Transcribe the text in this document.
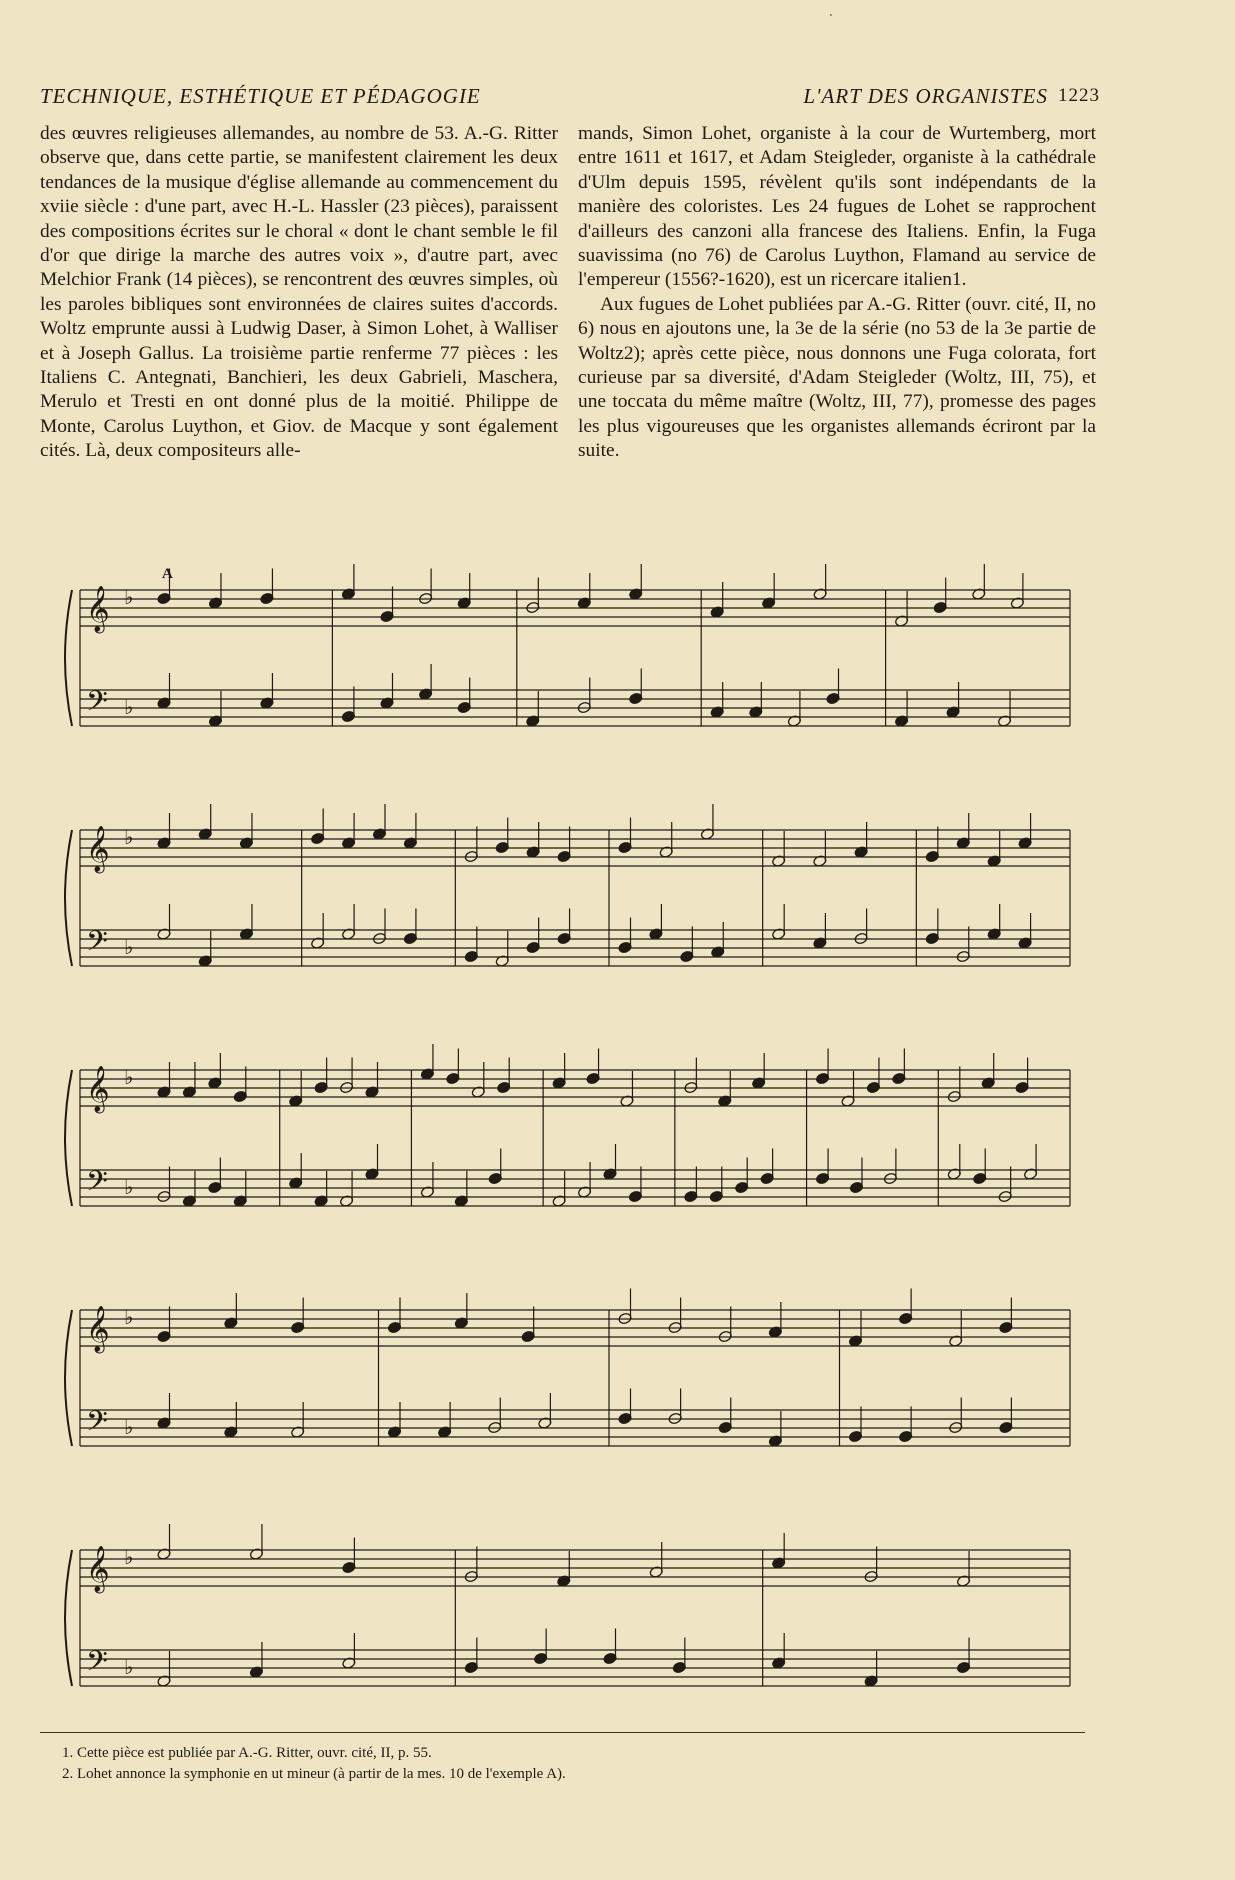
TECHNIQUE, ESTHÉTIQUE ET PÉDAGOGIE	L'ART DES ORGANISTES 1223

des œuvres religieuses allemandes, au nombre de 53. A.-G. Ritter observe que, dans cette partie, se manifestent clairement les deux tendances de la musique d'église allemande au commencement du xviie siècle : d'une part, avec H.-L. Hassler (23 pièces), paraissent des compositions écrites sur le choral « dont le chant semble le fil d'or que dirige la marche des autres voix », d'autre part, avec Melchior Frank (14 pièces), se rencontrent des œuvres simples, où les paroles bibliques sont environnées de claires suites d'accords. Woltz emprunte aussi à Ludwig Daser, à Simon Lohet, à Walliser et à Joseph Gallus. La troisième partie renferme 77 pièces : les Italiens C. Antegnati, Banchieri, les deux Gabrieli, Maschera, Merulo et Tresti en ont donné plus de la moitié. Philippe de Monte, Carolus Luython, et Giov. de Macque y sont également cités. Là, deux compositeurs alle-

mands, Simon Lohet, organiste à la cour de Wurtemberg, mort entre 1611 et 1617, et Adam Steigleder, organiste à la cathédrale d'Ulm depuis 1595, révèlent qu'ils sont indépendants de la manière des coloristes. Les 24 fugues de Lohet se rapprochent d'ailleurs des canzoni alla francese des Italiens. Enfin, la Fuga suavissima (no 76) de Carolus Luython, Flamand au service de l'empereur (1556?-1620), est un ricercare italien1.

Aux fugues de Lohet publiées par A.-G. Ritter (ouvr. cité, II, no 6) nous en ajoutons une, la 3e de la série (no 53 de la 3e partie de Woltz2); après cette pièce, nous donnons une Fuga colorata, fort curieuse par sa diversité, d'Adam Steigleder (Woltz, III, 75), et une toccata du même maître (Woltz, III, 77), promesse des pages les plus vigoureuses que les organistes allemands écriront par la suite.

A
𝄞
𝄢
♭
♭
𝄞
𝄢
♭
♭
𝄞
𝄢
♭
♭
𝄞
𝄢
♭
♭
𝄞
𝄢
♭
♭

1. Cette pièce est publiée par A.-G. Ritter, ouvr. cité, II, p. 55.

2. Lohet annonce la symphonie en ut mineur (à partir de la mes. 10 de l'exemple A).
